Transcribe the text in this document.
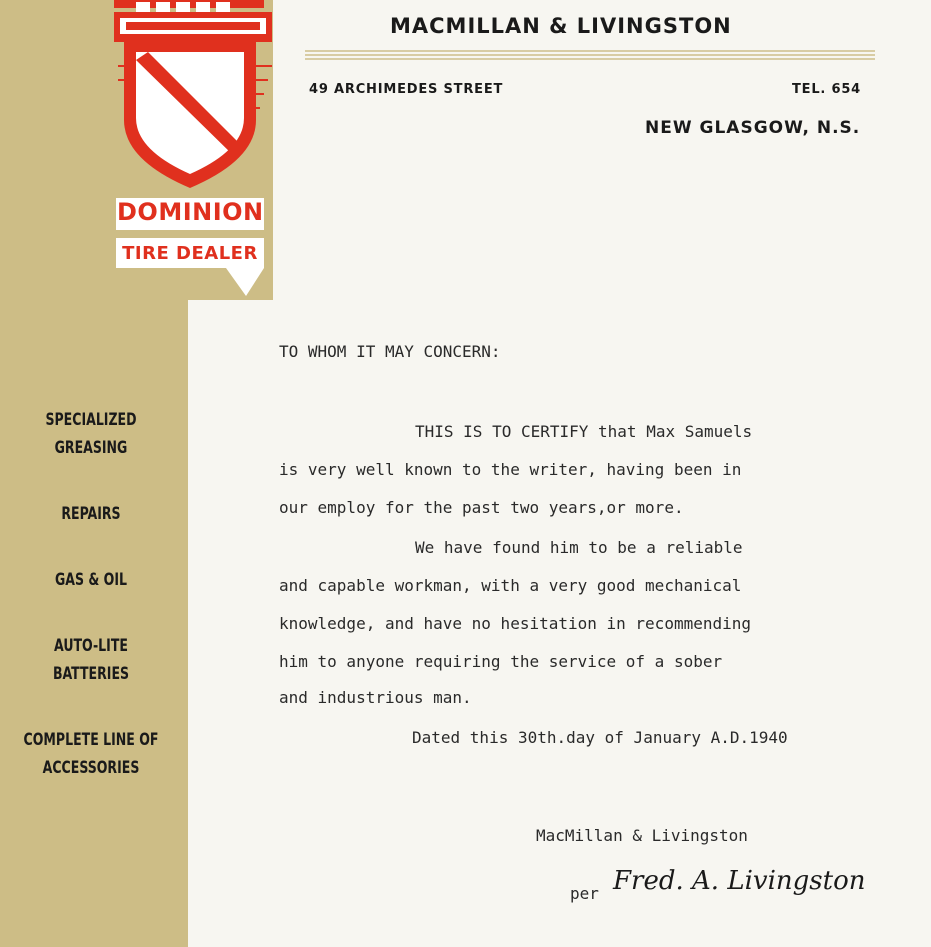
DOMINION
TIRE DEALER
SPECIALIZED
GREASING
REPAIRS
GAS & OIL
AUTO-LITE
BATTERIES
COMPLETE LINE OF
ACCESSORIES
MACMILLAN & LIVINGSTON
49 ARCHIMEDES STREET	TEL. 654
NEW GLASGOW, N.S.
TO WHOM IT MAY CONCERN:
THIS IS TO CERTIFY that Max Samuels
is very well known to the writer, having been in
our employ for the past two years,or more.
We have found him to be a reliable
and capable workman, with a very good mechanical
knowledge, and have no hesitation in recommending
him to anyone requiring the service of a sober
and industrious man.
Dated this 30th.day of January A.D.1940
MacMillan & Livingston
per Fred. A. Livingston
